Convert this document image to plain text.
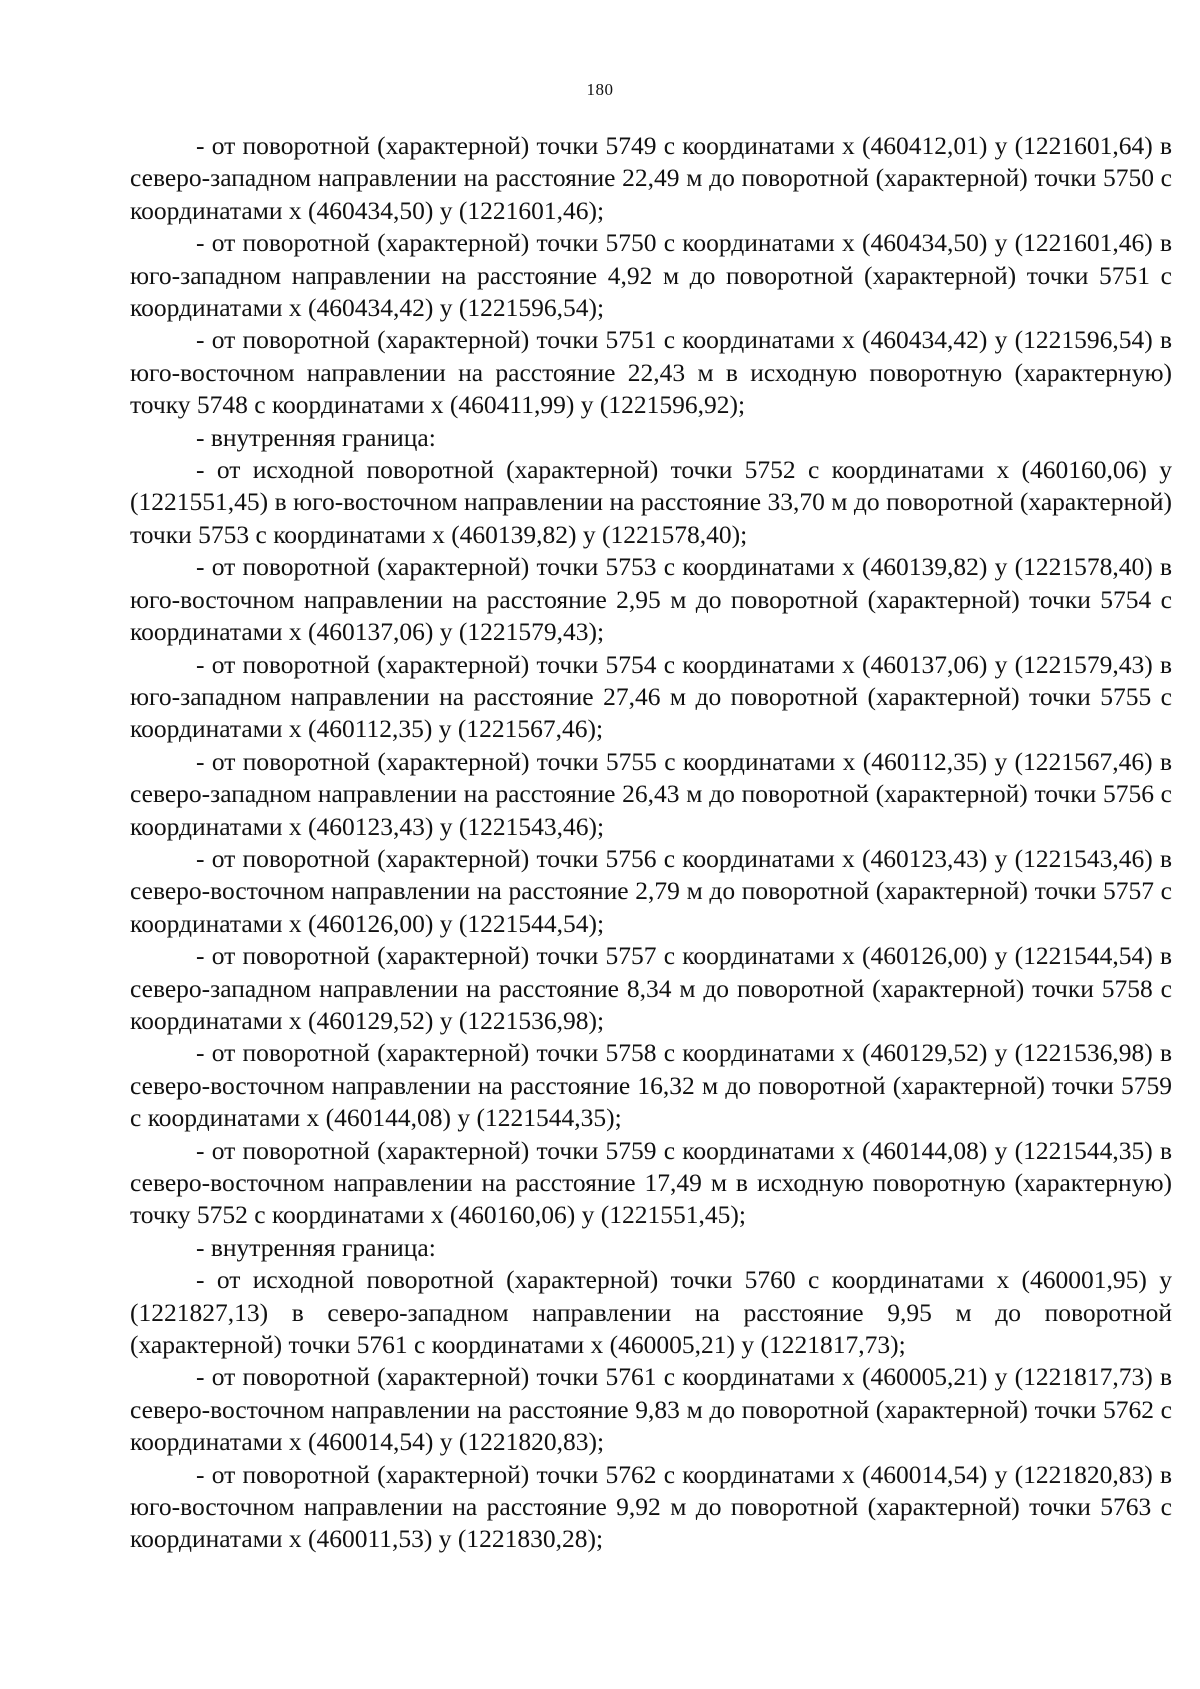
180

- от поворотной (характерной) точки 5749 с координатами x (460412,01) y (1221601,64) в северо-западном направлении на расстояние 22,49 м до поворотной (характерной) точки 5750 с координатами x (460434,50) y (1221601,46);

- от поворотной (характерной) точки 5750 с координатами x (460434,50) y (1221601,46) в юго-западном направлении на расстояние 4,92 м до поворотной (характерной) точки 5751 с координатами x (460434,42) y (1221596,54);

- от поворотной (характерной) точки 5751 с координатами x (460434,42) y (1221596,54) в юго-восточном направлении на расстояние 22,43 м в исходную поворотную (характерную) точку 5748 с координатами x (460411,99) y (1221596,92);

- внутренняя граница:

- от исходной поворотной (характерной) точки 5752 с координатами x (460160,06) y (1221551,45) в юго-восточном направлении на расстояние 33,70 м до поворотной (характерной) точки 5753 с координатами x (460139,82) y (1221578,40);

- от поворотной (характерной) точки 5753 с координатами x (460139,82) y (1221578,40) в юго-восточном направлении на расстояние 2,95 м до поворотной (характерной) точки 5754 с координатами x (460137,06) y (1221579,43);

- от поворотной (характерной) точки 5754 с координатами x (460137,06) y (1221579,43) в юго-западном направлении на расстояние 27,46 м до поворотной (характерной) точки 5755 с координатами x (460112,35) y (1221567,46);

- от поворотной (характерной) точки 5755 с координатами x (460112,35) y (1221567,46) в северо-западном направлении на расстояние 26,43 м до поворотной (характерной) точки 5756 с координатами x (460123,43) y (1221543,46);

- от поворотной (характерной) точки 5756 с координатами x (460123,43) y (1221543,46) в северо-восточном направлении на расстояние 2,79 м до поворотной (характерной) точки 5757 с координатами x (460126,00) y (1221544,54);

- от поворотной (характерной) точки 5757 с координатами x (460126,00) y (1221544,54) в северо-западном направлении на расстояние 8,34 м до поворотной (характерной) точки 5758 с координатами x (460129,52) y (1221536,98);

- от поворотной (характерной) точки 5758 с координатами x (460129,52) y (1221536,98) в северо-восточном направлении на расстояние 16,32 м до поворотной (характерной) точки 5759 с координатами x (460144,08) y (1221544,35);

- от поворотной (характерной) точки 5759 с координатами x (460144,08) y (1221544,35) в северо-восточном направлении на расстояние 17,49 м в исходную поворотную (характерную) точку 5752 с координатами x (460160,06) y (1221551,45);

- внутренняя граница:

- от исходной поворотной (характерной) точки 5760 с координатами x (460001,95) y (1221827,13) в северо-западном направлении на расстояние 9,95 м до поворотной (характерной) точки 5761 с координатами x (460005,21) y (1221817,73);

- от поворотной (характерной) точки 5761 с координатами x (460005,21) y (1221817,73) в северо-восточном направлении на расстояние 9,83 м до поворотной (характерной) точки 5762 с координатами x (460014,54) y (1221820,83);

- от поворотной (характерной) точки 5762 с координатами x (460014,54) y (1221820,83) в юго-восточном направлении на расстояние 9,92 м до поворотной (характерной) точки 5763 с координатами x (460011,53) y (1221830,28);
